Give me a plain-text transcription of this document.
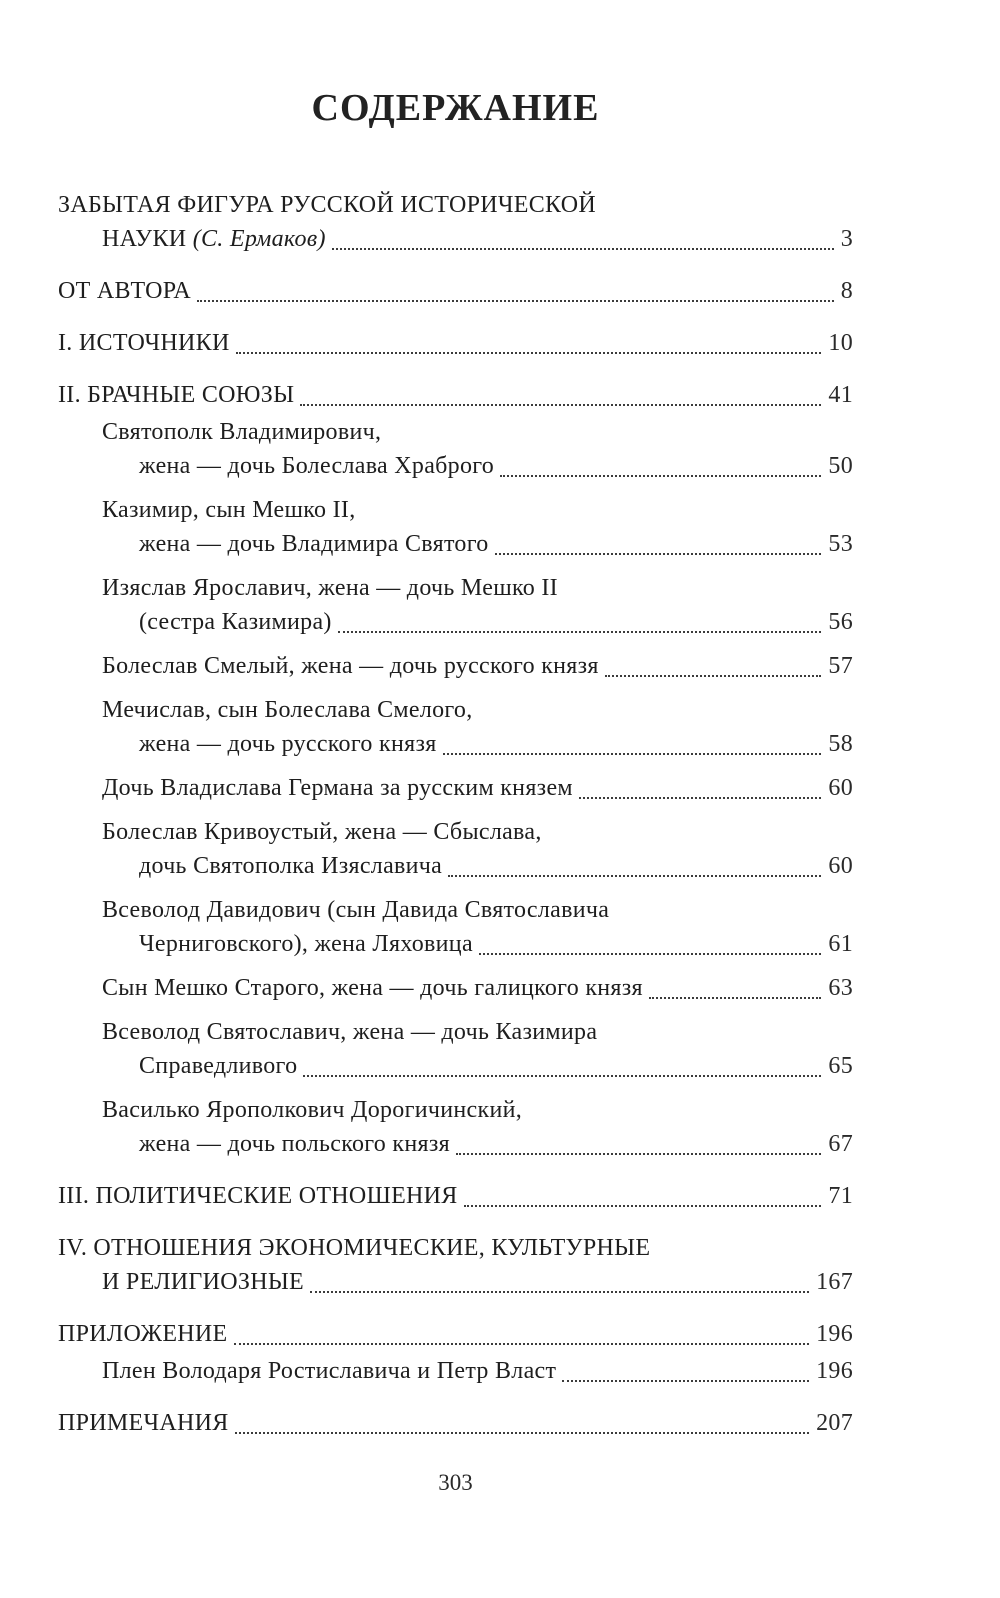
СОДЕРЖАНИЕ
ЗАБЫТАЯ ФИГУРА РУССКОЙ ИСТОРИЧЕСКОЙ
НАУКИ (С. Ермаков)	3
ОТ АВТОРА	8
I. ИСТОЧНИКИ	10
II. БРАЧНЫЕ СОЮЗЫ	41
Святополк Владимирович,
жена — дочь Болеслава Храброго	50
Казимир, сын Мешко II,
жена — дочь Владимира Святого	53
Изяслав Ярославич, жена — дочь Мешко II
(сестра Казимира)	56
Болеслав Смелый, жена — дочь русского князя	57
Мечислав, сын Болеслава Смелого,
жена — дочь русского князя	58
Дочь Владислава Германа за русским князем	60
Болеслав Кривоустый, жена — Сбыслава,
дочь Святополка Изяславича	60
Всеволод Давидович (сын Давида Святославича
Черниговского), жена Ляховица	61
Сын Мешко Старого, жена — дочь галицкого князя	63
Всеволод Святославич, жена — дочь Казимира
Справедливого	65
Василько Ярополкович Дорогичинский,
жена — дочь польского князя	67
III. ПОЛИТИЧЕСКИЕ ОТНОШЕНИЯ	71
IV. ОТНОШЕНИЯ ЭКОНОМИЧЕСКИЕ, КУЛЬТУРНЫЕ
И РЕЛИГИОЗНЫЕ	167
ПРИЛОЖЕНИЕ	196
Плен Володаря Ростиславича и Петр Власт	196
ПРИМЕЧАНИЯ	207
303
